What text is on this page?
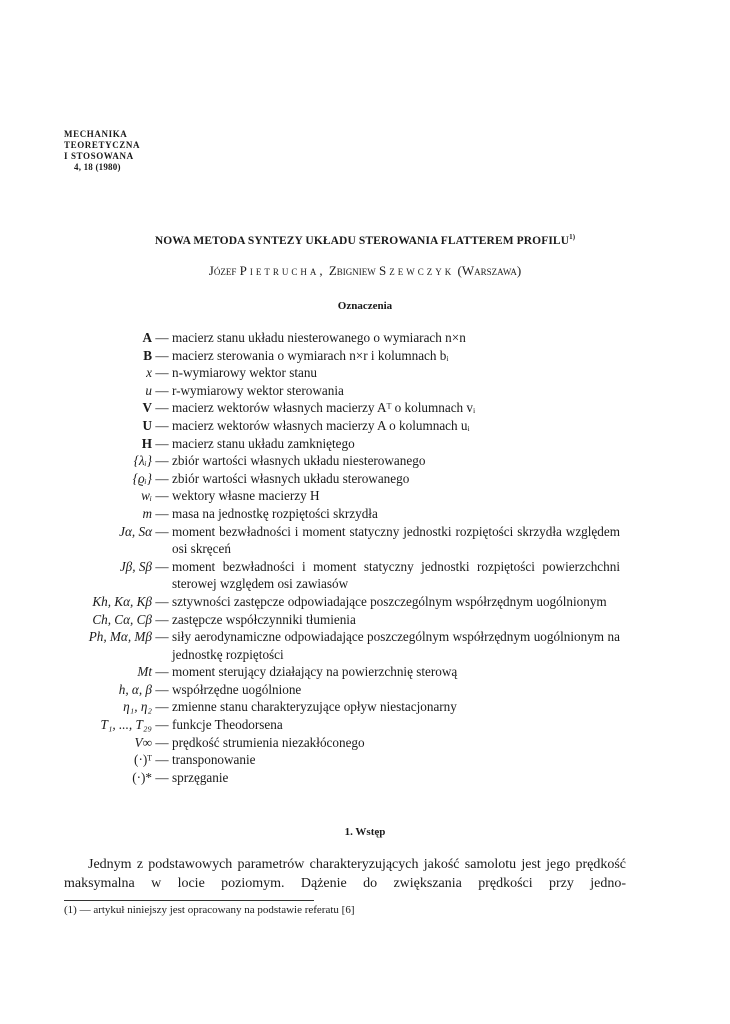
MECHANIKA
TEORETYCZNA
I STOSOWANA
4, 18 (1980)
NOWA METODA SYNTEZY UKŁADU STEROWANIA FLATTEREM PROFILU$^{1)}$
Józef Pietrucha, Zbigniew Szewczyk (Warszawa)
Oznaczenia
A — macierz stanu układu niesterowanego o wymiarach n×n
B — macierz sterowania o wymiarach n×r i kolumnach bᵢ
x — n-wymiarowy wektor stanu
u — r-wymiarowy wektor sterowania
V — macierz wektorów własnych macierzy Aᵀ o kolumnach vᵢ
U — macierz wektorów własnych macierzy A o kolumnach uᵢ
H — macierz stanu układu zamkniętego
{λᵢ} — zbiór wartości własnych układu niesterowanego
{ϱᵢ} — zbiór wartości własnych układu sterowanego
wᵢ — wektory własne macierzy H
m — masa na jednostkę rozpiętości skrzydła
Jα, Sα — moment bezwładności i moment statyczny jednostki rozpiętości skrzydła względem osi skręceń
Jβ, Sβ — moment bezwładności i moment statyczny jednostki rozpiętości powierzchchni sterowej względem osi zawiasów
Kh, Kα, Kβ — sztywności zastępcze odpowiadające poszczególnym współrzędnym uogólnionym
Ch, Cα, Cβ — zastępcze współczynniki tłumienia
Ph, Mα, Mβ — siły aerodynamiczne odpowiadające poszczególnym współrzędnym uogólnionym na jednostkę rozpiętości
Mt — moment sterujący działający na powierzchnię sterową
h, α, β — współrzędne uogólnione
η₁, η₂ — zmienne stanu charakteryzujące opływ niestacjonarny
T₁, ..., T₂₉ — funkcje Theodorsena
V∞ — prędkość strumienia niezakłóconego
(·)ᵀ — transponowanie
(·)* — sprzęganie
1. Wstęp
Jednym z podstawowych parametrów charakteryzujących jakość samolotu jest jego prędkość maksymalna w locie poziomym. Dążenie do zwiększania prędkości przy jedno-
(1) — artykuł niniejszy jest opracowany na podstawie referatu [6]
